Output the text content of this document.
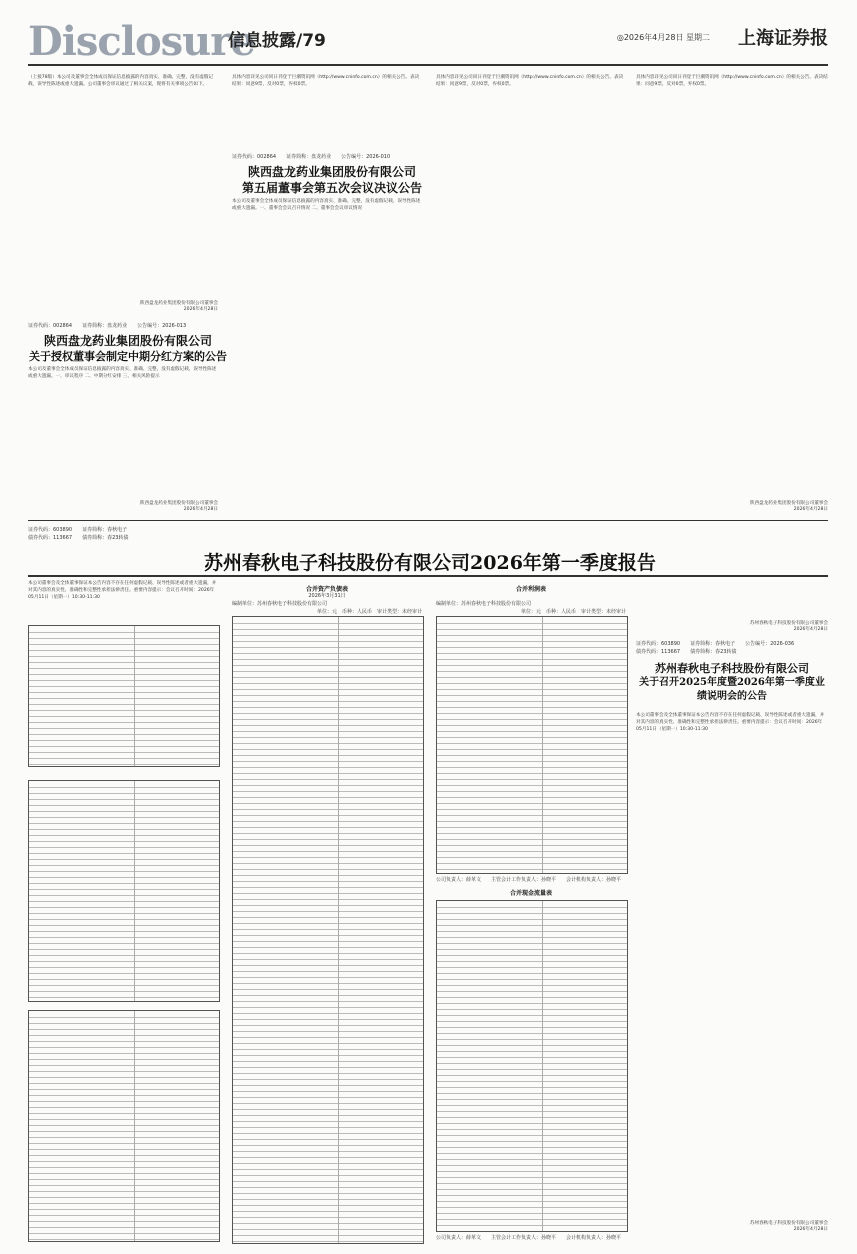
Disclosure
信息披露/79	◎2026年4月28日 星期二 上海证券报

（上接78版）本公司及董事会全体成员保证信息披露的内容真实、准确、完整，没有虚假记载、误导性陈述或重大遗漏。公司董事会审议通过了相关议案，现将有关事项公告如下。

陕西盘龙药业集团股份有限公司董事会
2026年4月28日
证券代码：002864　　证券简称：盘龙药业　　公告编号：2026-013
陕西盘龙药业集团股份有限公司
关于授权董事会制定中期分红方案的公告

本公司及董事会全体成员保证信息披露的内容真实、准确、完整，没有虚假记载、误导性陈述或重大遗漏。一、审议程序 二、中期分红安排 三、相关风险提示

陕西盘龙药业集团股份有限公司董事会
2026年4月28日

具体内容详见公司同日刊登于巨潮资讯网（http://www.cninfo.com.cn）的相关公告。表决结果：同意9票，反对0票，弃权0票。

证券代码：002864　　证券简称：盘龙药业　　公告编号：2026-010
陕西盘龙药业集团股份有限公司
第五届董事会第五次会议决议公告

本公司及董事会全体成员保证信息披露的内容真实、准确、完整，没有虚假记载、误导性陈述或重大遗漏。一、董事会会议召开情况 二、董事会会议审议情况

具体内容详见公司同日刊登于巨潮资讯网（http://www.cninfo.com.cn）的相关公告。表决结果：同意9票，反对0票，弃权0票。

具体内容详见公司同日刊登于巨潮资讯网（http://www.cninfo.com.cn）的相关公告。表决结果：同意9票，反对0票，弃权0票。

陕西盘龙药业集团股份有限公司董事会
2026年4月28日
证券代码：603890　　证券简称：春秋电子
债券代码：113667　　债券简称：春23转债
苏州春秋电子科技股份有限公司2026年第一季度报告

本公司董事会及全体董事保证本公告内容不存在任何虚假记载、误导性陈述或者重大遗漏，并对其内容的真实性、准确性和完整性承担法律责任。重要内容提示：会议召开时间：2026年05月11日（星期一）10:30-11:30

合并资产负债表
2026年3月31日
编制单位：苏州春秋电子科技股份有限公司
单位：元　币种：人民币　审计类型：未经审计
合并利润表
编制单位：苏州春秋电子科技股份有限公司
单位：元　币种：人民币　审计类型：未经审计
公司负责人：薛革文　　主管会计工作负责人：孙晓平　　会计机构负责人：孙晓平
合并现金流量表
公司负责人：薛革文　　主管会计工作负责人：孙晓平　　会计机构负责人：孙晓平
苏州春秋电子科技股份有限公司董事会
2026年4月28日
证券代码：603890　　证券简称：春秋电子　　公告编号：2026-036
债券代码：113667　　债券简称：春23转债
苏州春秋电子科技股份有限公司
关于召开2025年度暨2026年第一季度业绩说明会的公告

本公司董事会及全体董事保证本公告内容不存在任何虚假记载、误导性陈述或者重大遗漏，并对其内容的真实性、准确性和完整性承担法律责任。重要内容提示：会议召开时间：2026年05月11日（星期一）10:30-11:30

苏州春秋电子科技股份有限公司董事会
2026年4月28日
